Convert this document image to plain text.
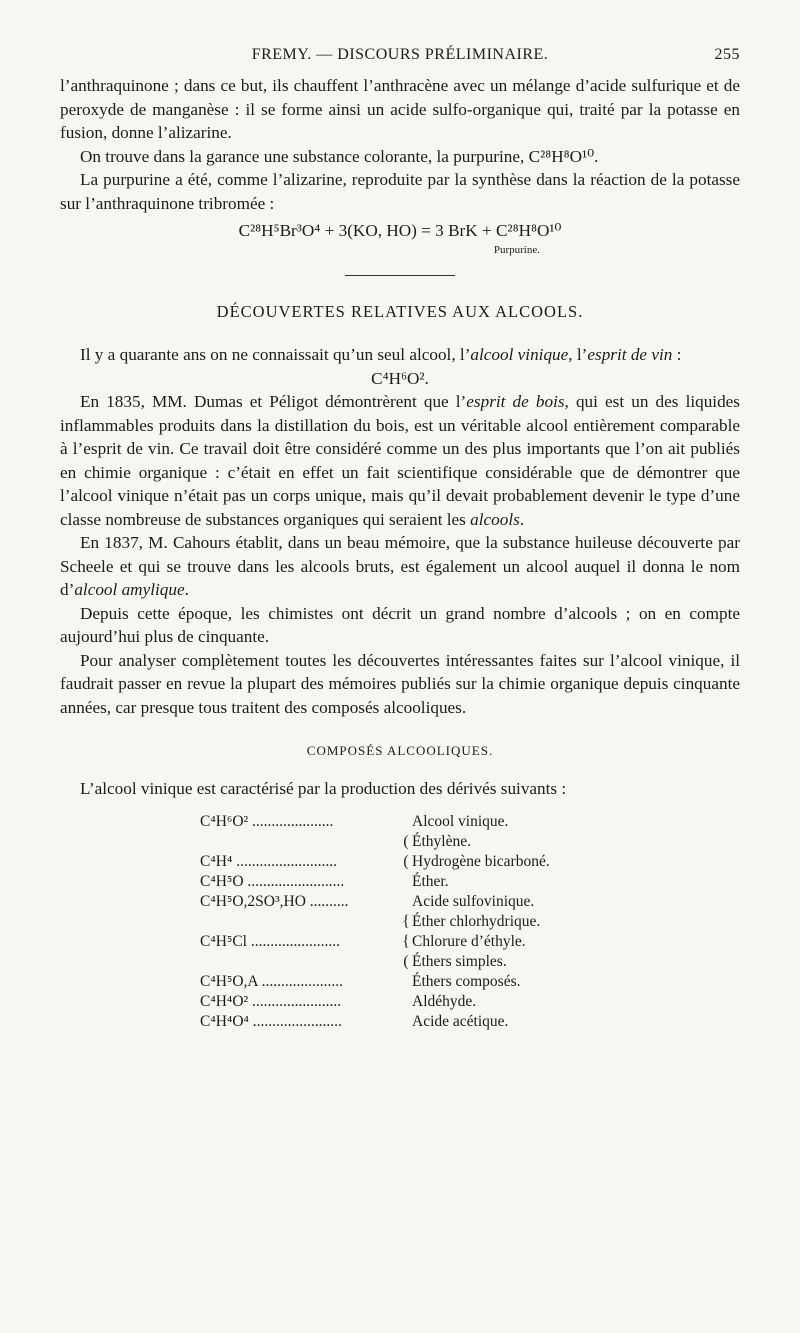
FREMY. — DISCOURS PRÉLIMINAIRE.	255

l’anthraquinone ; dans ce but, ils chauffent l’anthracène avec un mélange d’acide sulfurique et de peroxyde de manganèse : il se forme ainsi un acide sulfo-organique qui, traité par la potasse en fusion, donne l’alizarine.

On trouve dans la garance une substance colorante, la purpurine, C²⁸H⁸O¹⁰.

La purpurine a été, comme l’alizarine, reproduite par la synthèse dans la réaction de la potasse sur l’anthraquinone tribromée :

C²⁸H⁵Br³O⁴ + 3(KO, HO) = 3 BrK + C²⁸H⁸O¹⁰
Purpurine.
DÉCOUVERTES RELATIVES AUX ALCOOLS.

Il y a quarante ans on ne connaissait qu’un seul alcool, l’alcool vinique, l’esprit de vin :

C⁴H⁶O².

En 1835, MM. Dumas et Péligot démontrèrent que l’esprit de bois, qui est un des liquides inflammables produits dans la distillation du bois, est un véritable alcool entièrement comparable à l’esprit de vin. Ce travail doit être considéré comme un des plus importants que l’on ait publiés en chimie organique : c’était en effet un fait scientifique considérable que de démontrer que l’alcool vinique n’était pas un corps unique, mais qu’il devait probablement devenir le type d’une classe nombreuse de substances organiques qui seraient les alcools.

En 1837, M. Cahours établit, dans un beau mémoire, que la substance huileuse découverte par Scheele et qui se trouve dans les alcools bruts, est également un alcool auquel il donna le nom d’alcool amylique.

Depuis cette époque, les chimistes ont décrit un grand nombre d’alcools ; on en compte aujourd’hui plus de cinquante.

Pour analyser complètement toutes les découvertes intéressantes faites sur l’alcool vinique, il faudrait passer en revue la plupart des mémoires publiés sur la chimie organique depuis cinquante années, car presque tous traitent des composés alcooliques.

COMPOSÉS ALCOOLIQUES.

L’alcool vinique est caractérisé par la production des dérivés suivants :

C⁴H⁶O² .....................	Alcool vinique.
( Éthylène.
C⁴H⁴ ..........................	( Hydrogène bicarboné.
C⁴H⁵O .........................	Éther.
C⁴H⁵O,2SO³,HO ..........	Acide sulfovinique.
{ Éther chlorhydrique.
C⁴H⁵Cl .......................	{ Chlorure d’éthyle.
( Éthers simples.
C⁴H⁵O,A .....................	Éthers composés.
C⁴H⁴O² .......................	Aldéhyde.
C⁴H⁴O⁴ .......................	Acide acétique.
